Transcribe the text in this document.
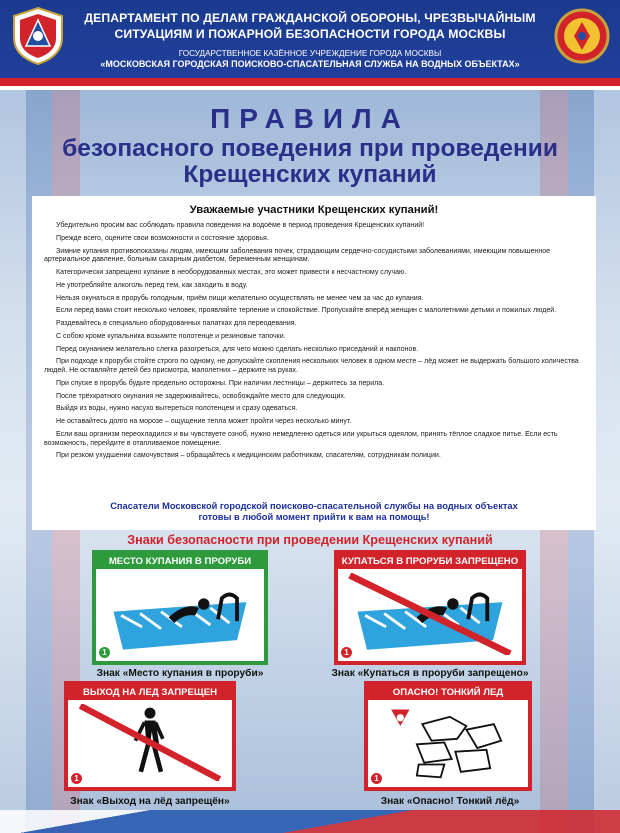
ДЕПАРТАМЕНТ ПО ДЕЛАМ ГРАЖДАНСКОЙ ОБОРОНЫ, ЧРЕЗВЫЧАЙНЫМ
СИТУАЦИЯМ И ПОЖАРНОЙ БЕЗОПАСНОСТИ ГОРОДА МОСКВЫ
ГОСУДАРСТВЕННОЕ КАЗЁННОЕ УЧРЕЖДЕНИЕ ГОРОДА МОСКВЫ
«МОСКОВСКАЯ ГОРОДСКАЯ ПОИСКОВО-СПАСАТЕЛЬНАЯ СЛУЖБА НА ВОДНЫХ ОБЪЕКТАХ»
ПРАВИЛА
безопасного поведения при проведении
Крещенских купаний
Уважаемые участники Крещенских купаний!
Убедительно просим вас соблюдать правила поведения на водоёме в период проведения Крещенских купаний!
Прежде всего, оцените свои возможности и состояние здоровья.
Зимние купания противопоказаны людям, имеющим заболевания почек, страдающим сердечно-сосудистыми заболеваниями, имеющим повышенное артериальное давление, больным сахарным диабетом, беременным женщинам.
Категорически запрещено купание в необорудованных местах, это может привести к несчастному случаю.
Не употребляйте алкоголь перед тем, как заходить в воду.
Нельзя окунаться в прорубь голодным, приём пищи желательно осуществлять не менее чем за час до купания.
Если перед вами стоит несколько человек, проявляйте терпение и спокойствие. Пропускайте вперёд женщин с малолетними детьми и пожилых людей.
Раздевайтесь в специально оборудованных палатках для переодевания.
С собою кроме купальника возьмите полотенце и резиновые тапочки.
Перед окунанием желательно слегка разогреться, для чего можно сделать несколько приседаний и наклонов.
При подходе к проруби стойте строго по одному, не допускайте скопления нескольких человек в одном месте – лёд может не выдержать большого количества людей. Не оставляйте детей без присмотра, малолетних – держите на руках.
При спуске в прорубь будьте предельно осторожны. При наличии лестницы – держитесь за перила.
После трёхкратного окунания не задерживайтесь, освобождайте место для следующих.
Выйдя из воды, нужно насухо вытереться полотенцем и сразу одеваться.
Не оставайтесь долго на морозе – ощущение тепла может пройти через несколько минут.
Если ваш организм переохладился и вы чувствуете озноб, нужно немедленно одеться или укрыться одеялом, принять тёплое сладкое питье. Если есть возможность, перейдите в отапливаемое помещение.
При резком ухудшении самочувствия – обращайтесь к медицинским работникам, спасателям, сотрудникам полиции.
Спасатели Московской городской поисково-спасательной службы на водных объектах
готовы в любой момент прийти к вам на помощь!
Знаки безопасности при проведении Крещенских купаний
МЕСТО КУПАНИЯ В ПРОРУБИ
1
Знак «Место купания в проруби»
КУПАТЬСЯ В ПРОРУБИ ЗАПРЕЩЕНО
1
Знак «Купаться в проруби запрещено»
ВЫХОД НА ЛЕД ЗАПРЕЩЕН
1
Знак «Выход на лёд запрещён»
ОПАСНО! ТОНКИЙ ЛЕД
1
Знак «Опасно! Тонкий лёд»
